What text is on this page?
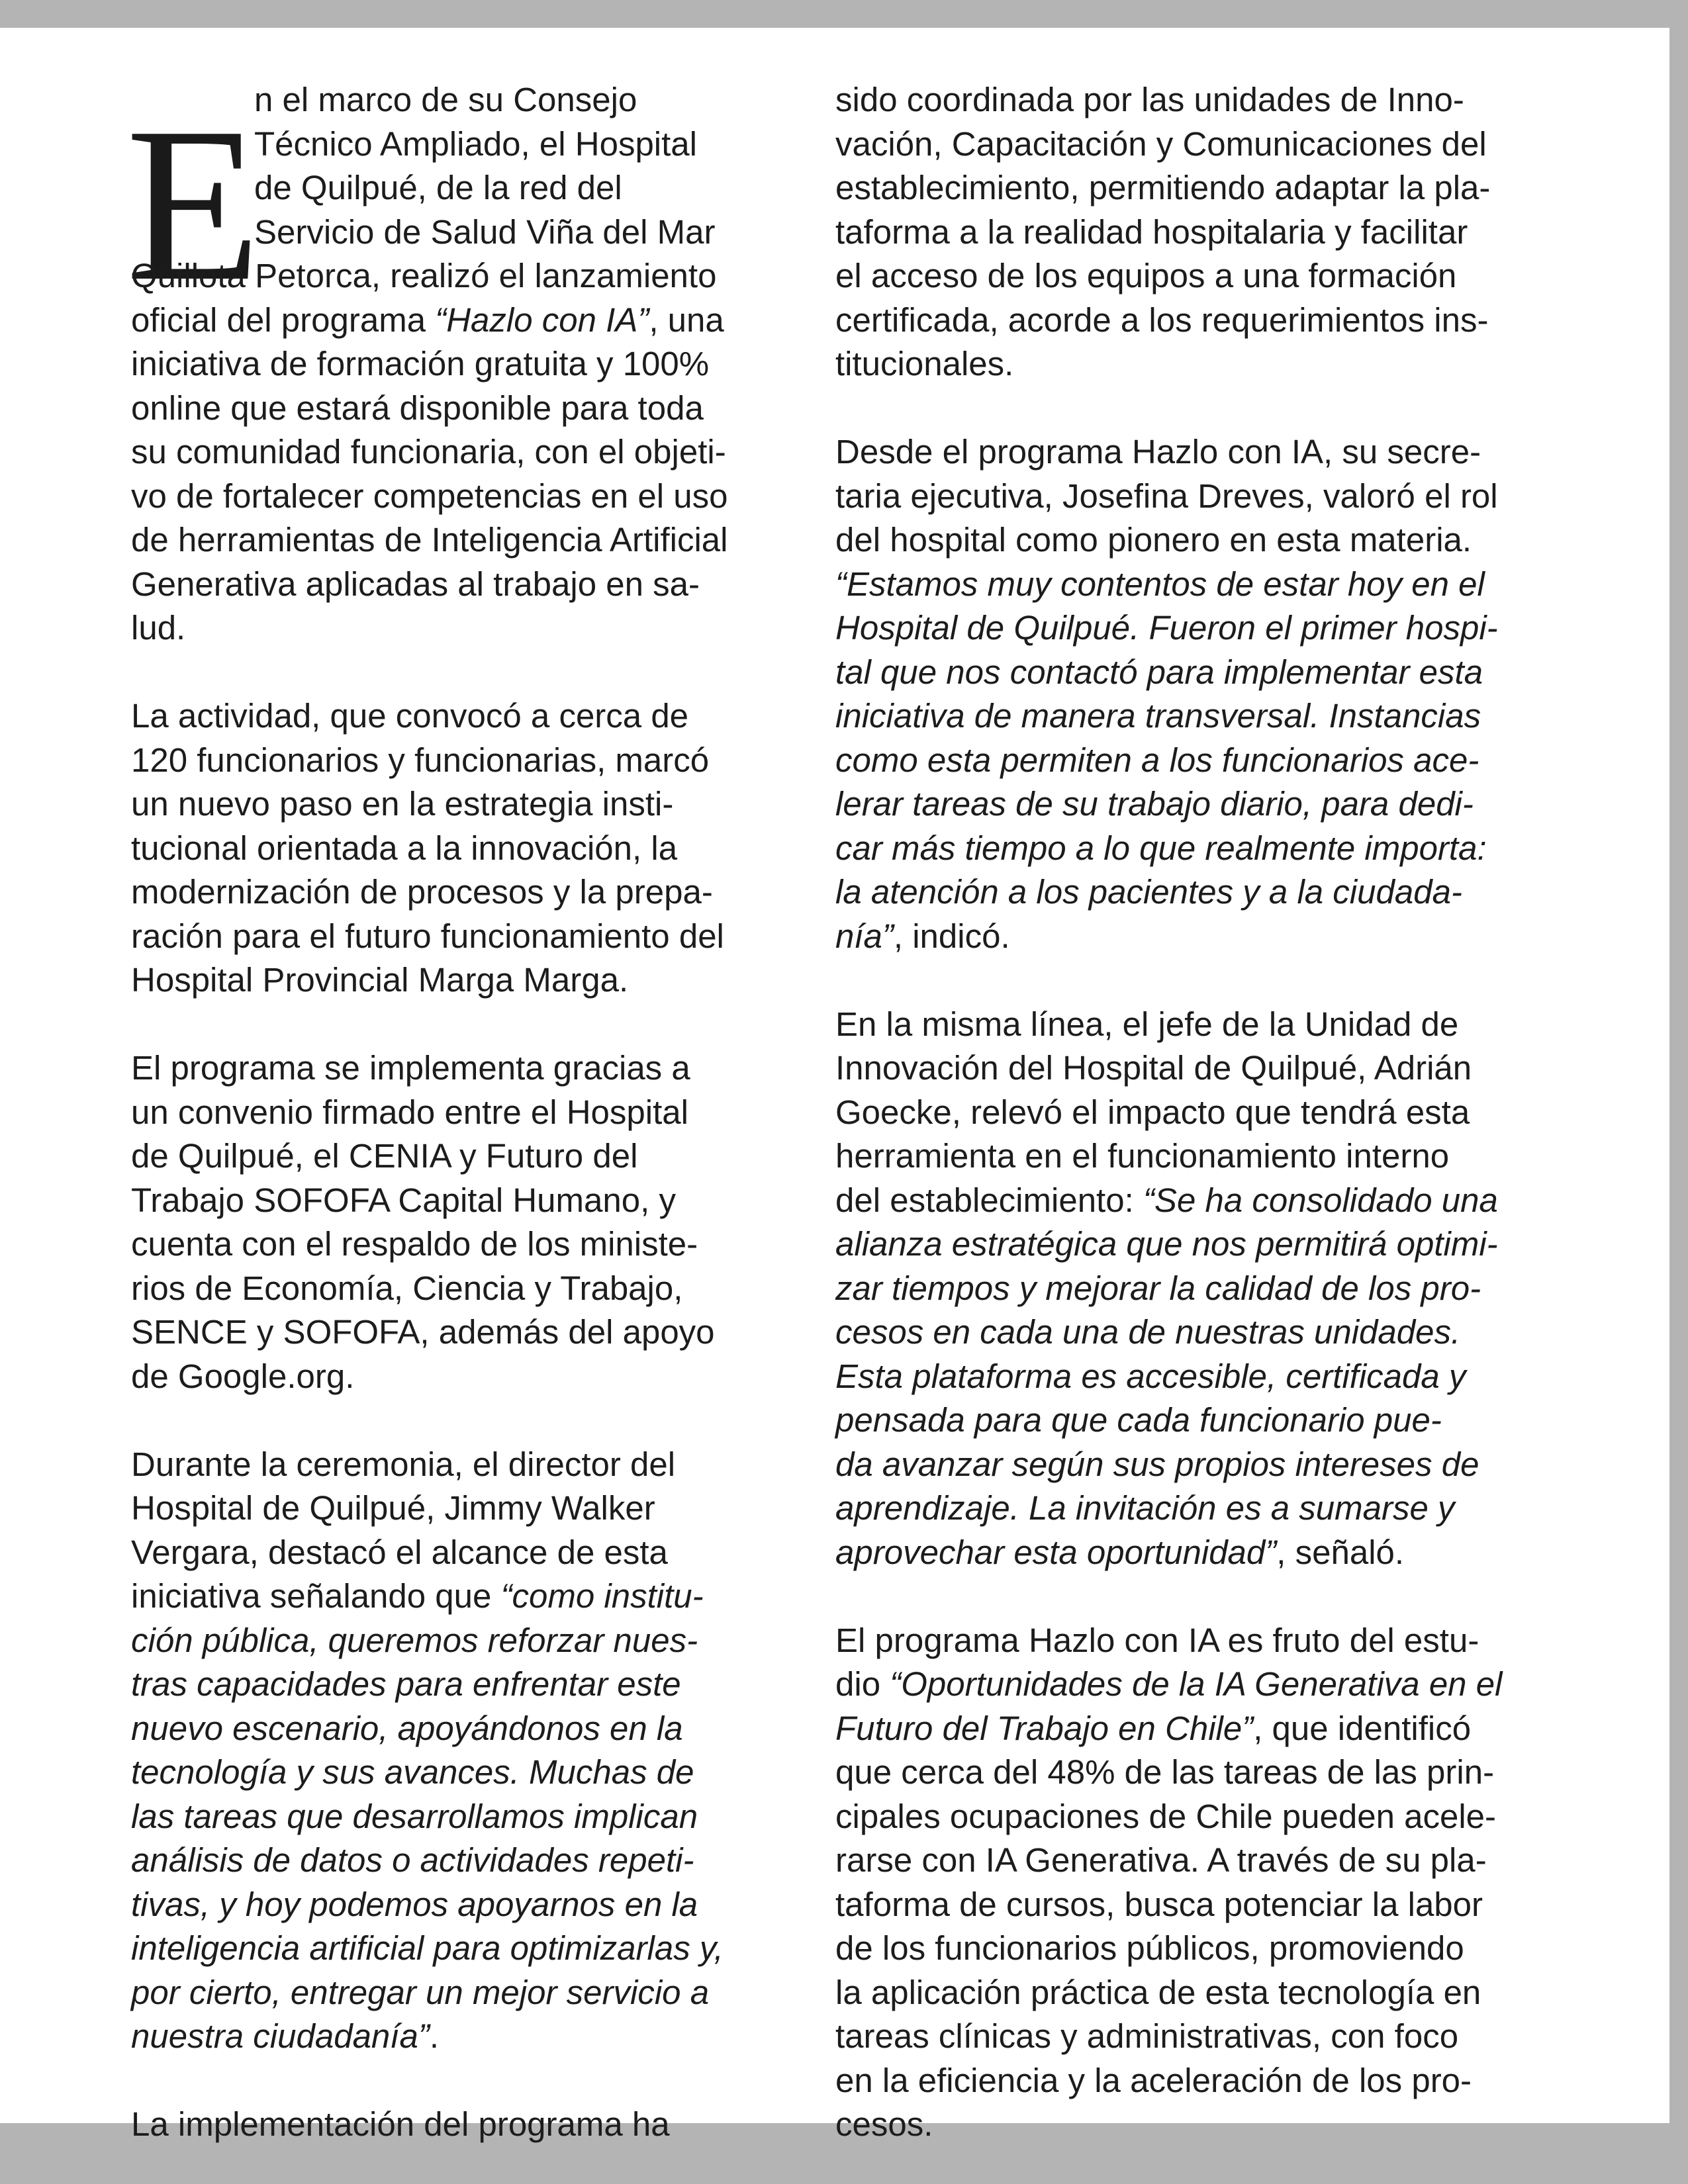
E
n el marco de su Consejo
Técnico Ampliado, el Hospital
de Quilpué, de la red del
Servicio de Salud Viña del Mar
Quillota Petorca, realizó el lanzamiento
oficial del programa “Hazlo con IA”, una
iniciativa de formación gratuita y 100%
online que estará disponible para toda
su comunidad funcionaria, con el objeti-
vo de fortalecer competencias en el uso
de herramientas de Inteligencia Artificial
Generativa aplicadas al trabajo en sa-
lud.
La actividad, que convocó a cerca de
120 funcionarios y funcionarias, marcó
un nuevo paso en la estrategia insti-
tucional orientada a la innovación, la
modernización de procesos y la prepa-
ración para el futuro funcionamiento del
Hospital Provincial Marga Marga.
El programa se implementa gracias a
un convenio firmado entre el Hospital
de Quilpué, el CENIA y Futuro del
Trabajo SOFOFA Capital Humano, y
cuenta con el respaldo de los ministe-
rios de Economía, Ciencia y Trabajo,
SENCE y SOFOFA, además del apoyo
de Google.org.
Durante la ceremonia, el director del
Hospital de Quilpué, Jimmy Walker
Vergara, destacó el alcance de esta
iniciativa señalando que “como institu-
ción pública, queremos reforzar nues-
tras capacidades para enfrentar este
nuevo escenario, apoyándonos en la
tecnología y sus avances. Muchas de
las tareas que desarrollamos implican
análisis de datos o actividades repeti-
tivas, y hoy podemos apoyarnos en la
inteligencia artificial para optimizarlas y,
por cierto, entregar un mejor servicio a
nuestra ciudadanía”.
La implementación del programa ha
sido coordinada por las unidades de Inno-
vación, Capacitación y Comunicaciones del
establecimiento, permitiendo adaptar la pla-
taforma a la realidad hospitalaria y facilitar
el acceso de los equipos a una formación
certificada, acorde a los requerimientos ins-
titucionales.
Desde el programa Hazlo con IA, su secre-
taria ejecutiva, Josefina Dreves, valoró el rol
del hospital como pionero en esta materia.
“Estamos muy contentos de estar hoy en el
Hospital de Quilpué. Fueron el primer hospi-
tal que nos contactó para implementar esta
iniciativa de manera transversal. Instancias
como esta permiten a los funcionarios ace-
lerar tareas de su trabajo diario, para dedi-
car más tiempo a lo que realmente importa:
la atención a los pacientes y a la ciudada-
nía”, indicó.
En la misma línea, el jefe de la Unidad de
Innovación del Hospital de Quilpué, Adrián
Goecke, relevó el impacto que tendrá esta
herramienta en el funcionamiento interno
del establecimiento: “Se ha consolidado una
alianza estratégica que nos permitirá optimi-
zar tiempos y mejorar la calidad de los pro-
cesos en cada una de nuestras unidades.
Esta plataforma es accesible, certificada y
pensada para que cada funcionario pue-
da avanzar según sus propios intereses de
aprendizaje. La invitación es a sumarse y
aprovechar esta oportunidad”, señaló.
El programa Hazlo con IA es fruto del estu-
dio “Oportunidades de la IA Generativa en el
Futuro del Trabajo en Chile”, que identificó
que cerca del 48% de las tareas de las prin-
cipales ocupaciones de Chile pueden acele-
rarse con IA Generativa. A través de su pla-
taforma de cursos, busca potenciar la labor
de los funcionarios públicos, promoviendo
la aplicación práctica de esta tecnología en
tareas clínicas y administrativas, con foco
en la eficiencia y la aceleración de los pro-
cesos.
